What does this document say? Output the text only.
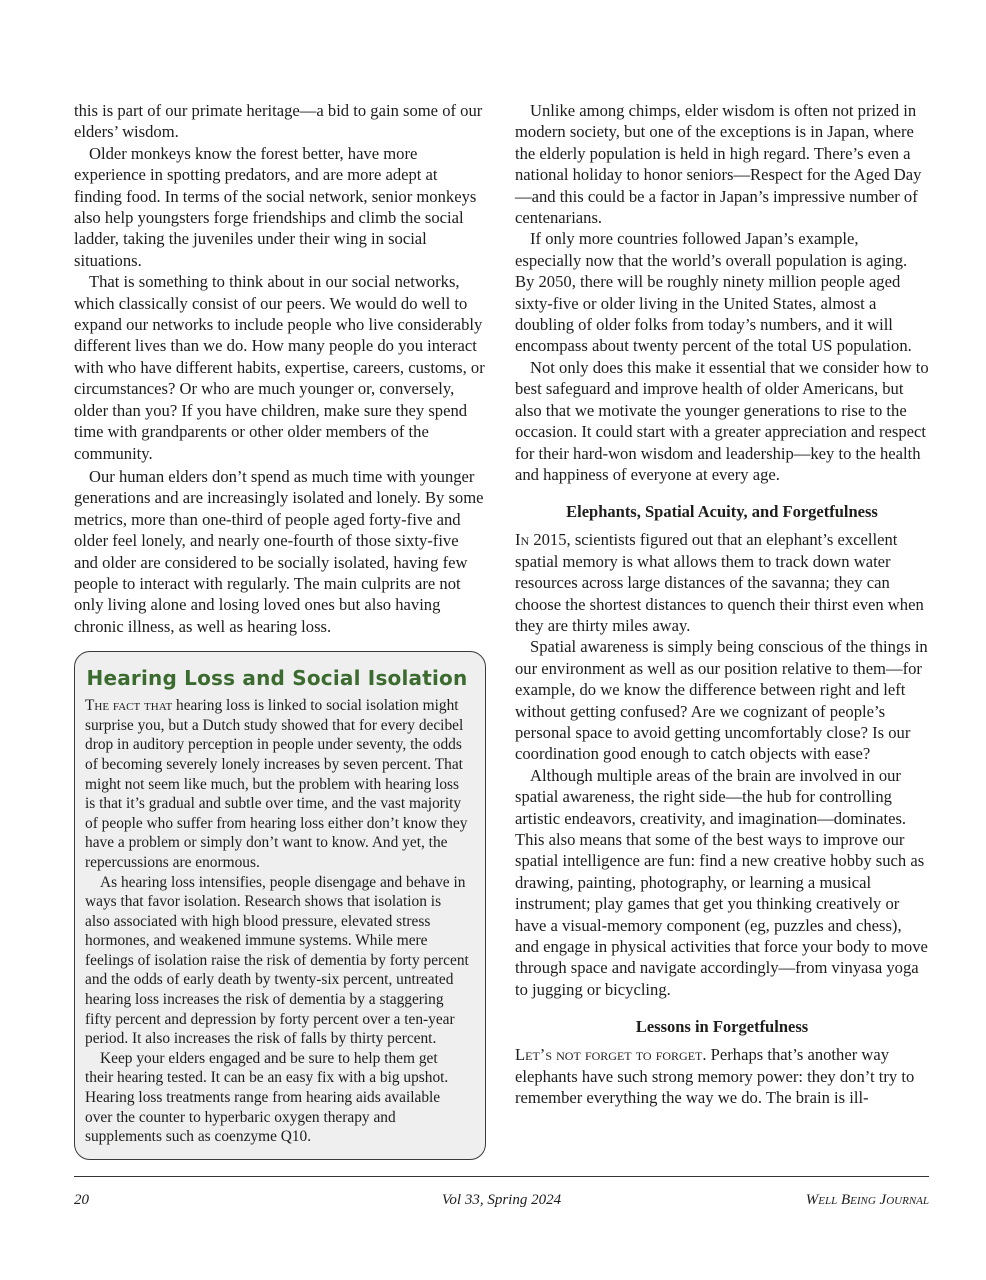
this is part of our primate heritage—a bid to gain some of our elders’ wisdom.

Older monkeys know the forest better, have more experience in spotting predators, and are more adept at finding food. In terms of the social network, senior monkeys also help youngsters forge friendships and climb the social ladder, taking the juveniles under their wing in social situations.

That is something to think about in our social networks, which classically consist of our peers. We would do well to expand our networks to include people who live considerably different lives than we do. How many people do you interact with who have different habits, expertise, careers, customs, or circumstances? Or who are much younger or, conversely, older than you? If you have children, make sure they spend time with grandparents or other older members of the community.

Our human elders don’t spend as much time with younger generations and are increasingly isolated and lonely. By some metrics, more than one-third of people aged forty-five and older feel lonely, and nearly one-fourth of those sixty-five and older are considered to be socially isolated, having few people to interact with regularly. The main culprits are not only living alone and losing loved ones but also having chronic illness, as well as hearing loss.

Hearing Loss and Social Isolation

The fact that hearing loss is linked to social isolation might surprise you, but a Dutch study showed that for every decibel drop in auditory perception in people under seventy, the odds of becoming severely lonely increases by seven percent. That might not seem like much, but the problem with hearing loss is that it’s gradual and subtle over time, and the vast majority of people who suffer from hearing loss either don’t know they have a problem or simply don’t want to know. And yet, the repercussions are enormous.

As hearing loss intensifies, people disengage and behave in ways that favor isolation. Research shows that isolation is also associated with high blood pressure, elevated stress hormones, and weakened immune systems. While mere feelings of isolation raise the risk of dementia by forty percent and the odds of early death by twenty-six percent, untreated hearing loss increases the risk of dementia by a staggering fifty percent and depression by forty percent over a ten-year period. It also increases the risk of falls by thirty percent.

Keep your elders engaged and be sure to help them get their hearing tested. It can be an easy fix with a big upshot. Hearing loss treatments range from hearing aids available over the counter to hyperbaric oxygen therapy and supplements such as coenzyme Q10.

Unlike among chimps, elder wisdom is often not prized in modern society, but one of the exceptions is in Japan, where the elderly population is held in high regard. There’s even a national holiday to honor seniors—Respect for the Aged Day—and this could be a factor in Japan’s impressive number of centenarians.

If only more countries followed Japan’s example, especially now that the world’s overall population is aging. By 2050, there will be roughly ninety million people aged sixty-five or older living in the United States, almost a doubling of older folks from today’s numbers, and it will encompass about twenty percent of the total US population.

Not only does this make it essential that we consider how to best safeguard and improve health of older Americans, but also that we motivate the younger generations to rise to the occasion. It could start with a greater appreciation and respect for their hard-won wisdom and leadership—key to the health and happiness of everyone at every age.

Elephants, Spatial Acuity, and Forgetfulness

In 2015, scientists figured out that an elephant’s excellent spatial memory is what allows them to track down water resources across large distances of the savanna; they can choose the shortest distances to quench their thirst even when they are thirty miles away.

Spatial awareness is simply being conscious of the things in our environment as well as our position relative to them—for example, do we know the difference between right and left without getting confused? Are we cognizant of people’s personal space to avoid getting uncomfortably close? Is our coordination good enough to catch objects with ease?

Although multiple areas of the brain are involved in our spatial awareness, the right side—the hub for controlling artistic endeavors, creativity, and imagination—dominates. This also means that some of the best ways to improve our spatial intelligence are fun: find a new creative hobby such as drawing, painting, photography, or learning a musical instrument; play games that get you thinking creatively or have a visual-memory component (eg, puzzles and chess), and engage in physical activities that force your body to move through space and navigate accordingly—from vinyasa yoga to jugging or bicycling.

Lessons in Forgetfulness

Let’s not forget to forget. Perhaps that’s another way elephants have such strong memory power: they don’t try to remember everything the way we do. The brain is ill-

20	Vol 33, Spring 2024	Well Being Journal
